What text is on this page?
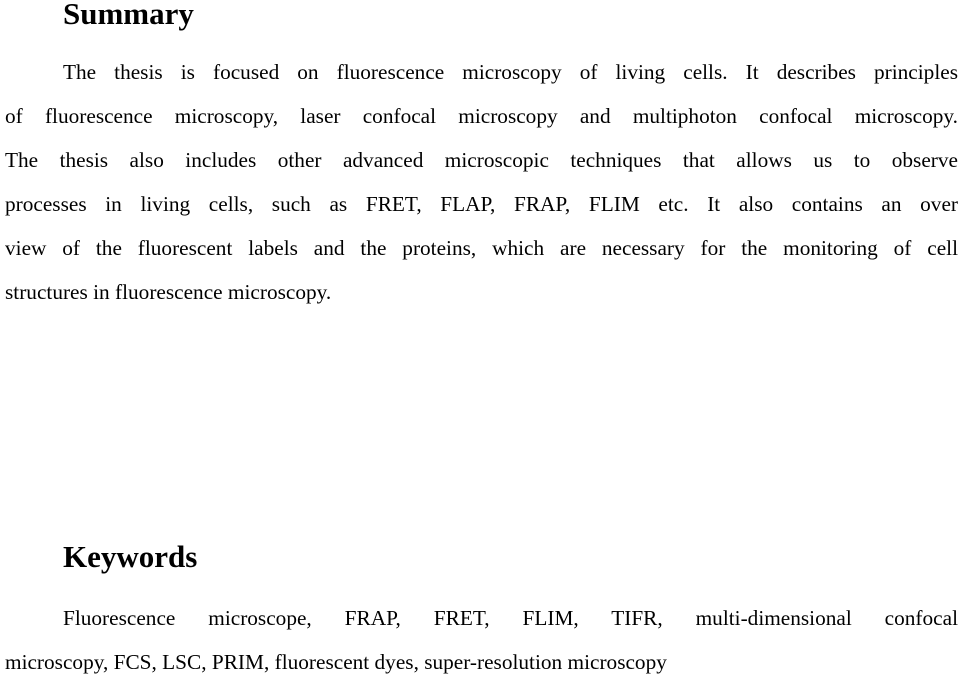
Summary
The thesis is focused on fluorescence microscopy of living cells. It describes principles
of fluorescence microscopy, laser confocal microscopy and multiphoton confocal microscopy.
The thesis also includes other advanced microscopic techniques that allows us to observe
processes in living cells, such as FRET, FLAP, FRAP, FLIM etc. It also contains an over
view of the fluorescent labels and the proteins, which are necessary for the monitoring of cell
structures in fluorescence microscopy.
Keywords
Fluorescence microscope, FRAP, FRET, FLIM, TIFR, multi-dimensional confocal
microscopy, FCS, LSC, PRIM, fluorescent dyes, super-resolution microscopy
